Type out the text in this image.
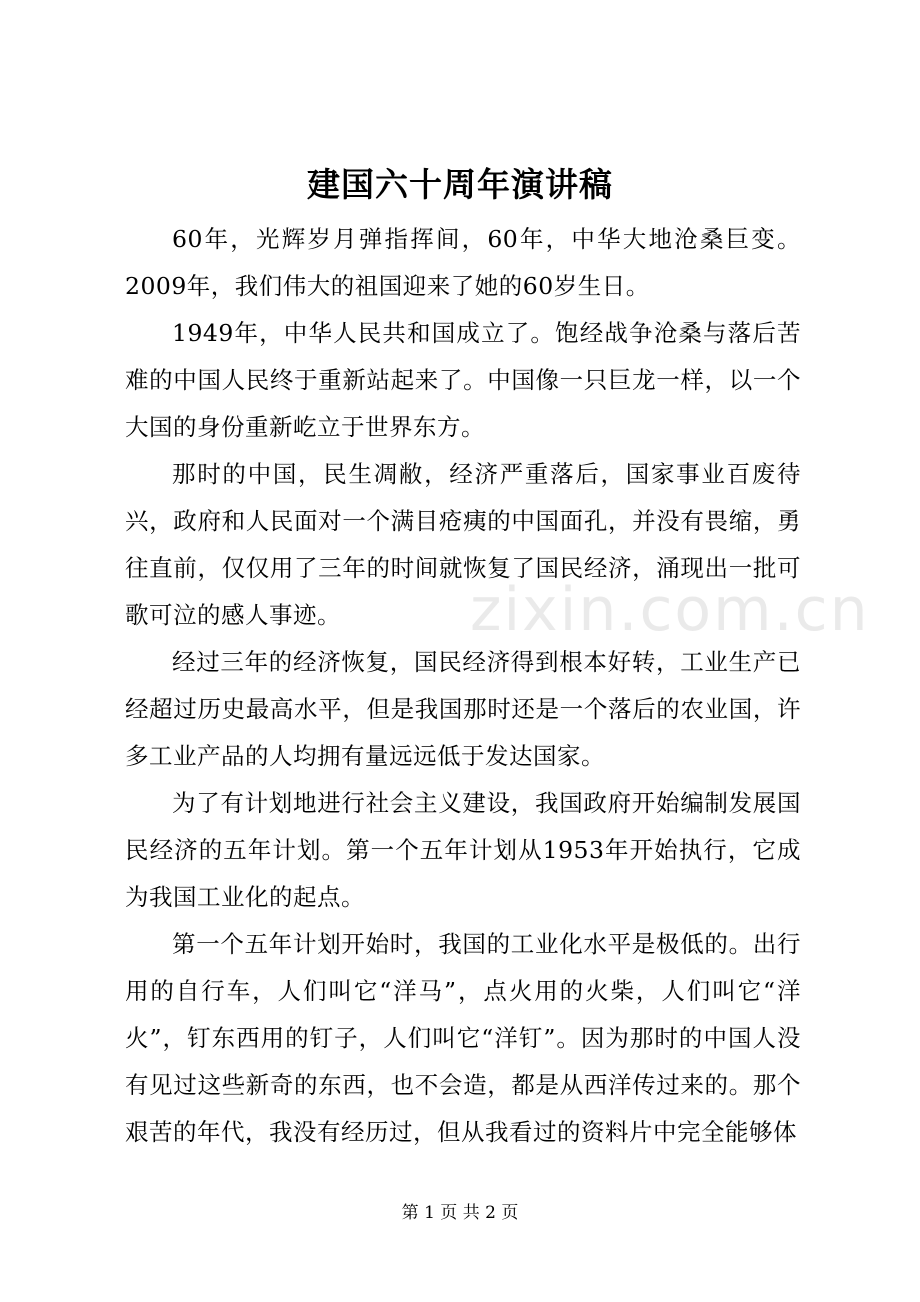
建国六十周年演讲稿

60年，光辉岁月弹指挥间，60年，中华大地沧桑巨变。2009年，我们伟大的祖国迎来了她的60岁生日。

1949年，中华人民共和国成立了。饱经战争沧桑与落后苦难的中国人民终于重新站起来了。中国像一只巨龙一样，以一个大国的身份重新屹立于世界东方。

那时的中国，民生凋敝，经济严重落后，国家事业百废待兴，政府和人民面对一个满目疮痍的中国面孔，并没有畏缩，勇往直前，仅仅用了三年的时间就恢复了国民经济，涌现出一批可歌可泣的感人事迹。

经过三年的经济恢复，国民经济得到根本好转，工业生产已经超过历史最高水平，但是我国那时还是一个落后的农业国，许多工业产品的人均拥有量远远低于发达国家。

为了有计划地进行社会主义建设，我国政府开始编制发展国民经济的五年计划。第一个五年计划从1953年开始执行，它成为我国工业化的起点。

第一个五年计划开始时，我国的工业化水平是极低的。出行用的自行车，人们叫它“洋马”，点火用的火柴，人们叫它“洋火”，钉东西用的钉子，人们叫它“洋钉”。因为那时的中国人没有见过这些新奇的东西，也不会造，都是从西洋传过来的。那个艰苦的年代，我没有经历过，但从我看过的资料片中完全能够体

zixin.com.cn
第 1 页 共 2 页
